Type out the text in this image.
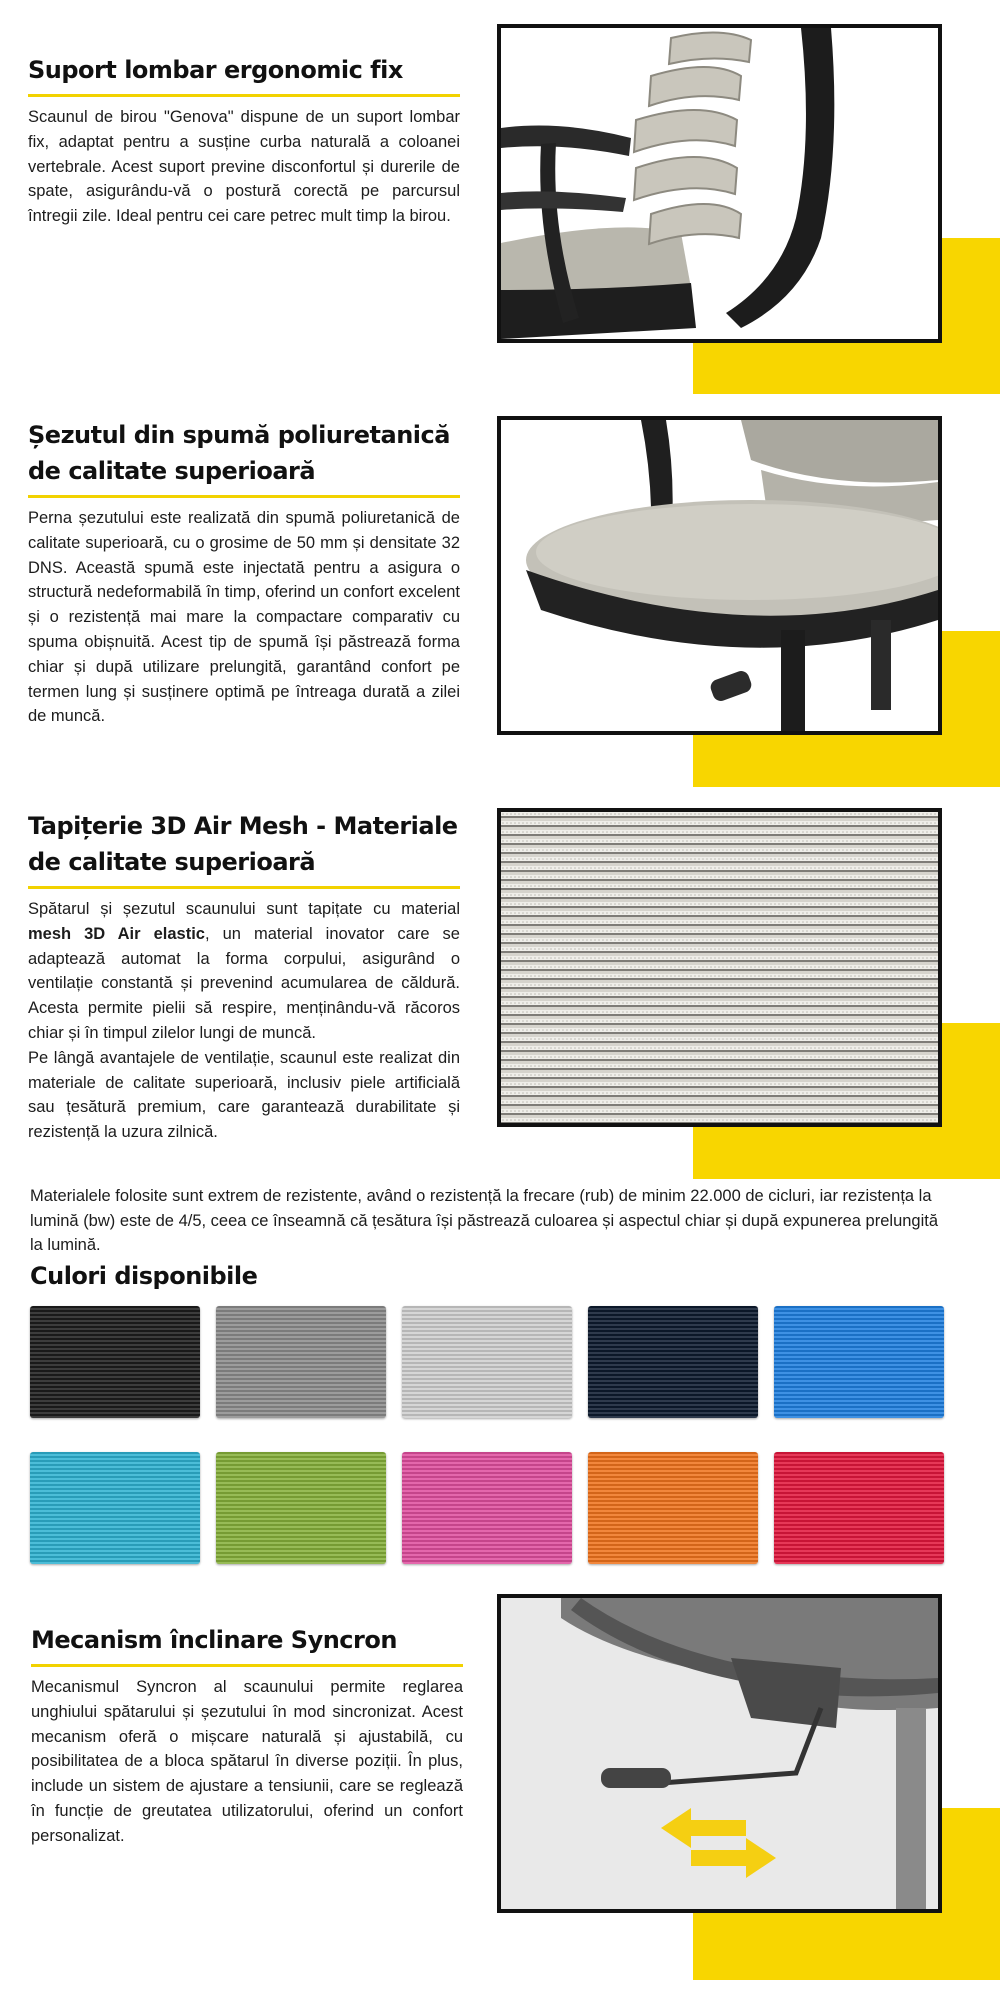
Suport lombar ergonomic fix

Scaunul de birou "Genova" dispune de un suport lombar fix, adaptat pentru a susține curba naturală a coloanei vertebrale. Acest suport previne disconfortul și durerile de spate, asigurându-vă o postură corectă pe parcursul întregii zile. Ideal pentru cei care petrec mult timp la birou.

Șezutul din spumă poliuretanică
de calitate superioară

Perna șezutului este realizată din spumă poliuretanică de calitate superioară, cu o grosime de 50 mm și densitate 32 DNS. Această spumă este injectată pentru a asigura o structură nedeformabilă în timp, oferind un confort excelent și o rezistență mai mare la compactare comparativ cu spuma obișnuită. Acest tip de spumă își păstrează forma chiar și după utilizare prelungită, garantând confort pe termen lung și susținere optimă pe întreaga durată a zilei de muncă.

Tapițerie 3D Air Mesh - Materiale
de calitate superioară

Spătarul și șezutul scaunului sunt tapițate cu material mesh 3D Air elastic, un material inovator care se adaptează automat la forma corpului, asigurând o ventilație constantă și prevenind acumularea de căldură. Acesta permite pielii să respire, menținându-vă răcoros chiar și în timpul zilelor lungi de muncă.

Pe lângă avantajele de ventilație, scaunul este realizat din materiale de calitate superioară, inclusiv piele artificială sau țesătură premium, care garantează durabilitate și rezistență la uzura zilnică.

Materialele folosite sunt extrem de rezistente, având o rezistență la frecare (rub) de minim 22.000 de cicluri, iar rezistența la lumină (bw) este de 4/5, ceea ce înseamnă că țesătura își păstrează culoarea și aspectul chiar și după expunerea prelungită la lumină.

Culori disponibile
Mecanism înclinare Syncron

Mecanismul Syncron al scaunului permite reglarea unghiului spătarului și șezutului în mod sincronizat. Acest mecanism oferă o mișcare naturală și ajustabilă, cu posibilitatea de a bloca spătarul în diverse poziții. În plus, include un sistem de ajustare a tensiunii, care se reglează în funcție de greutatea utilizatorului, oferind un confort personalizat.
